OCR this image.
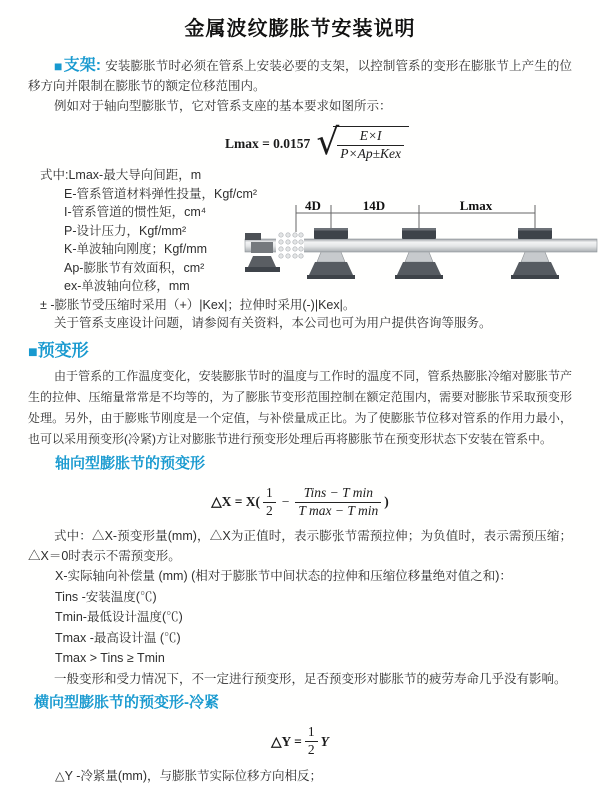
金属波纹膨胀节安装说明

■支架: 安装膨胀节时必须在管系上安装必要的支架，以控制管系的变形在膨胀节上产生的位移方向并限制在膨胀节的额定位移范围内。

例如对于轴向型膨胀节，它对管系支座的基本要求如图所示：

Lmax = 0.0157 √
$\frac{E\times I}{\text{P×Ap±Kex}}$
式中:Lmax-最大导向间距，m
E-管系管道材料弹性投量，Kgf/cm²
I-管系管道的惯性矩，cm⁴
P-设计压力，Kgf/mm²
K-单波轴向刚度；Kgf/mm
Ap-膨胀节有效面积，cm²
ex-单波轴向位移，mm
± -膨胀节受压缩时采用（+）|Kex|；拉伸时采用(-)|Kex|。
关于管系支座设计问题，请参阅有关资料，本公司也可为用户提供咨询等服务。
4D	14D	Lmax
■预变形

由于管系的工作温度变化，安装膨胀节时的温度与工作时的温度不同，管系热膨胀冷缩对膨胀节产生的拉伸、压缩量常常是不均等的，为了膨胀节变形范围控制在额定范围内，需要对膨胀节采取预变形处理。另外，由于膨账节刚度是一个定值，与补偿量成正比。为了使膨胀节位移对管系的作用力最小，也可以采用预变形(冷紧)方让对膨胀节进行预变形处理后再将膨胀节在预变形状态下安装在管系中。

轴向型膨胀节的预变形
△X = $X( \frac{1}{2} - \frac{\text{Tins − T min}}{\text{T max − T min}}$ )

式中：△X-预变形量(mm)，△X为正值时，表示膨张节需预拉伸；为负值时，表示需预压缩；△X＝0时表示不需预变形。

X-实际轴向补偿量 (mm) (相对于膨胀节中间状态的拉伸和压缩位移量绝对值之和)：
Tins -安装温度(℃)
Tmin-最低设计温度(℃)
Tmax -最高设计温 (℃)
Tmax > Tins ≥ Tmin
一般变形和受力情况下，不一定进行预变形，足否预变形对膨胀节的疲劳寿命几乎没有影响。
横向型膨胀节的预变形-冷紧
△Y = $\frac{1}{2}$ Y
△Y -冷紧量(mm)，与膨胀节实际位移方向相反；
